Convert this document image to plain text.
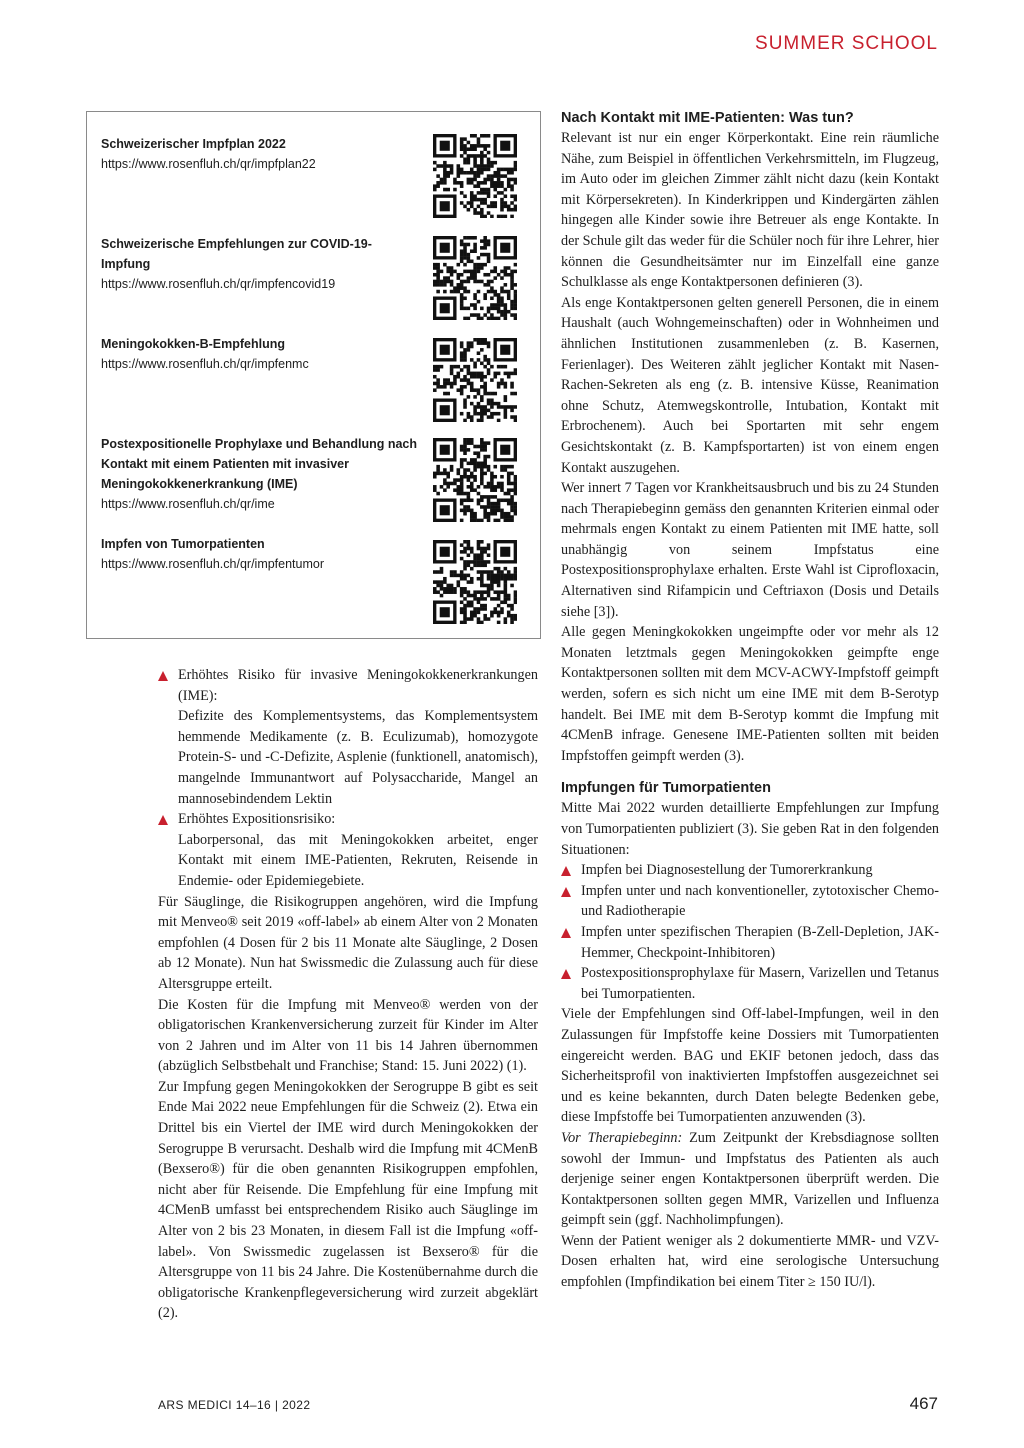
SUMMER SCHOOL
Schweizerischer Impfplan 2022
https://www.rosenfluh.ch/qr/impfplan22
Schweizerische Empfehlungen zur COVID-19-Impfung
https://www.rosenfluh.ch/qr/impfencovid19
Meningokokken-B-Empfehlung
https://www.rosenfluh.ch/qr/impfenmc
Postexpositionelle Prophylaxe und Behandlung nach Kontakt mit einem Patienten mit invasiver Meningokokkenerkrankung (IME)
https://www.rosenfluh.ch/qr/ime
Impfen von Tumorpatienten
https://www.rosenfluh.ch/qr/impfentumor
Erhöhtes Risiko für invasive Meningokokkenerkrankungen (IME):
Defizite des Komplementsystems, das Komplementsystem hemmende Medikamente (z. B. Eculizumab), homozygote Protein-S- und -C-Defizite, Asplenie (funktionell, anatomisch), mangelnde Immunantwort auf Polysaccharide, Mangel an mannosebindendem Lektin
Erhöhtes Expositionsrisiko:
Laborpersonal, das mit Meningokokken arbeitet, enger Kontakt mit einem IME-Patienten, Rekruten, Reisende in Endemie- oder Epidemiegebiete.

Für Säuglinge, die Risikogruppen angehören, wird die Impfung mit Menveo® seit 2019 «off-label» ab einem Alter von 2 Monaten empfohlen (4 Dosen für 2 bis 11 Monate alte Säuglinge, 2 Dosen ab 12 Monate). Nun hat Swissmedic die Zulassung auch für diese Altersgruppe erteilt.

Die Kosten für die Impfung mit Menveo® werden von der obligatorischen Krankenversicherung zurzeit für Kinder im Alter von 2 Jahren und im Alter von 11 bis 14 Jahren übernommen (abzüglich Selbstbehalt und Franchise; Stand: 15. Juni 2022) (1).

Zur Impfung gegen Meningokokken der Serogruppe B gibt es seit Ende Mai 2022 neue Empfehlungen für die Schweiz (2). Etwa ein Drittel bis ein Viertel der IME wird durch Meningokokken der Serogruppe B verursacht. Deshalb wird die Impfung mit 4CMenB (Bexsero®) für die oben genannten Risikogruppen empfohlen, nicht aber für Reisende. Die Empfehlung für eine Impfung mit 4CMenB umfasst bei entsprechendem Risiko auch Säuglinge im Alter von 2 bis 23 Monaten, in diesem Fall ist die Impfung «off-label». Von Swissmedic zugelassen ist Bexsero® für die Altersgruppe von 11 bis 24 Jahre. Die Kostenübernahme durch die obligatorische Krankenpflegeversicherung wird zurzeit abgeklärt (2).

Nach Kontakt mit IME-Patienten: Was tun?

Relevant ist nur ein enger Körperkontakt. Eine rein räumliche Nähe, zum Beispiel in öffentlichen Verkehrsmitteln, im Flugzeug, im Auto oder im gleichen Zimmer zählt nicht dazu (kein Kontakt mit Körpersekreten). In Kinderkrippen und Kindergärten zählen hingegen alle Kinder sowie ihre Betreuer als enge Kontakte. In der Schule gilt das weder für die Schüler noch für ihre Lehrer, hier können die Gesundheitsämter nur im Einzelfall eine ganze Schulklasse als enge Kontaktpersonen definieren (3).

Als enge Kontaktpersonen gelten generell Personen, die in einem Haushalt (auch Wohngemeinschaften) oder in Wohnheimen und ähnlichen Institutionen zusammenleben (z. B. Kasernen, Ferienlager). Des Weiteren zählt jeglicher Kontakt mit Nasen-Rachen-Sekreten als eng (z. B. intensive Küsse, Reanimation ohne Schutz, Atemwegskontrolle, Intubation, Kontakt mit Erbrochenem). Auch bei Sportarten mit sehr engem Gesichtskontakt (z. B. Kampfsportarten) ist von einem engen Kontakt auszugehen.

Wer innert 7 Tagen vor Krankheitsausbruch und bis zu 24 Stunden nach Therapiebeginn gemäss den genannten Kriterien einmal oder mehrmals engen Kontakt zu einem Patienten mit IME hatte, soll unabhängig von seinem Impfstatus eine Postexpositionsprophylaxe erhalten. Erste Wahl ist Ciprofloxacin, Alternativen sind Rifampicin und Ceftriaxon (Dosis und Details siehe [3]).

Alle gegen Meningkokokken ungeimpfte oder vor mehr als 12 Monaten letztmals gegen Meningokokken geimpfte enge Kontaktpersonen sollten mit dem MCV-ACWY-Impfstoff geimpft werden, sofern es sich nicht um eine IME mit dem B-Serotyp handelt. Bei IME mit dem B-Serotyp kommt die Impfung mit 4CMenB infrage. Genesene IME-Patienten sollten mit beiden Impfstoffen geimpft werden (3).

Impfungen für Tumorpatienten

Mitte Mai 2022 wurden detaillierte Empfehlungen zur Impfung von Tumorpatienten publiziert (3). Sie geben Rat in den folgenden Situationen:

Impfen bei Diagnosestellung der Tumorerkrankung
Impfen unter und nach konventioneller, zytotoxischer Chemo- und Radiotherapie
Impfen unter spezifischen Therapien (B-Zell-Depletion, JAK-Hemmer, Checkpoint-Inhibitoren)
Postexpositionsprophylaxe für Masern, Varizellen und Tetanus bei Tumorpatienten.

Viele der Empfehlungen sind Off-label-Impfungen, weil in den Zulassungen für Impfstoffe keine Dossiers mit Tumorpatienten eingereicht werden. BAG und EKIF betonen jedoch, dass das Sicherheitsprofil von inaktivierten Impfstoffen ausgezeichnet sei und es keine bekannten, durch Daten belegte Bedenken gebe, diese Impfstoffe bei Tumorpatienten anzuwenden (3).

Vor Therapiebeginn: Zum Zeitpunkt der Krebsdiagnose sollten sowohl der Immun- und Impfstatus des Patienten als auch derjenige seiner engen Kontaktpersonen überprüft werden. Die Kontaktpersonen sollten gegen MMR, Varizellen und Influenza geimpft sein (ggf. Nachholimpfungen).

Wenn der Patient weniger als 2 dokumentierte MMR- und VZV-Dosen erhalten hat, wird eine serologische Untersuchung empfohlen (Impfindikation bei einem Titer ≥ 150 IU/l).

ARS MEDICI 14–16 | 2022	467
